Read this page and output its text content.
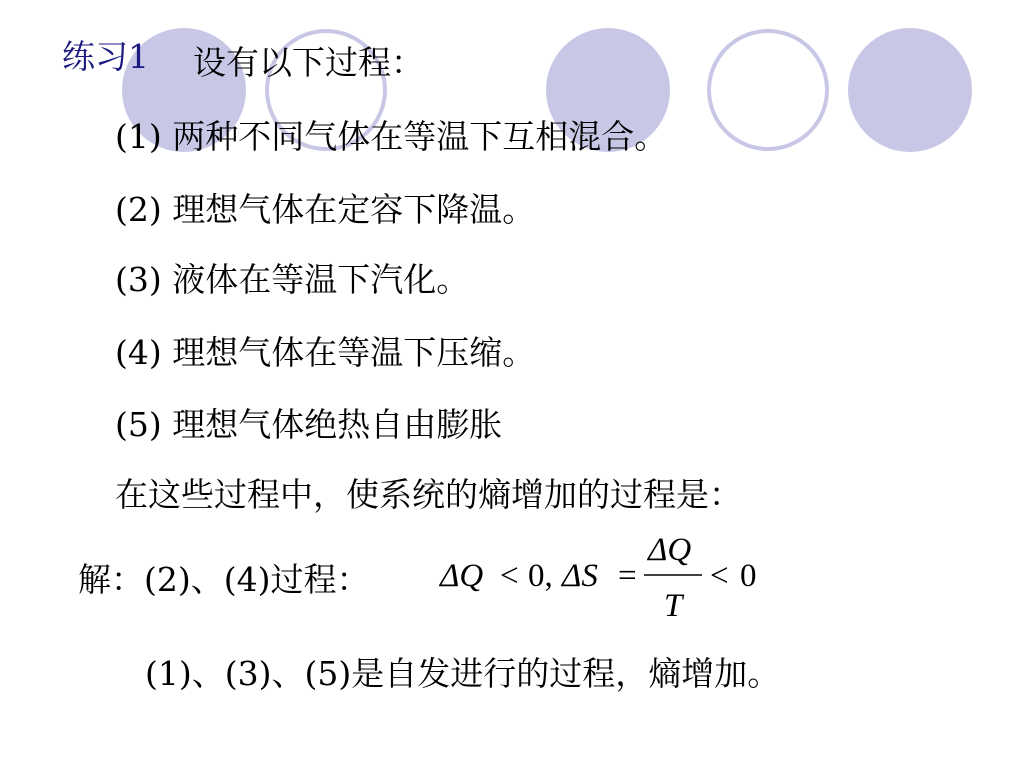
练习1 设有以下过程：
(1) 两种不同气体在等温下互相混合。
(2) 理想气体在定容下降温。
(3) 液体在等温下汽化。
(4) 理想气体在等温下压缩。
(5) 理想气体绝热自由膨胀
在这些过程中，使系统的熵增加的过程是：
解：(2)、(4)过程： ΔQ < 0, ΔS =
ΔQ
T
< 0
(1)、(3)、(5)是自发进行的过程，熵增加。
